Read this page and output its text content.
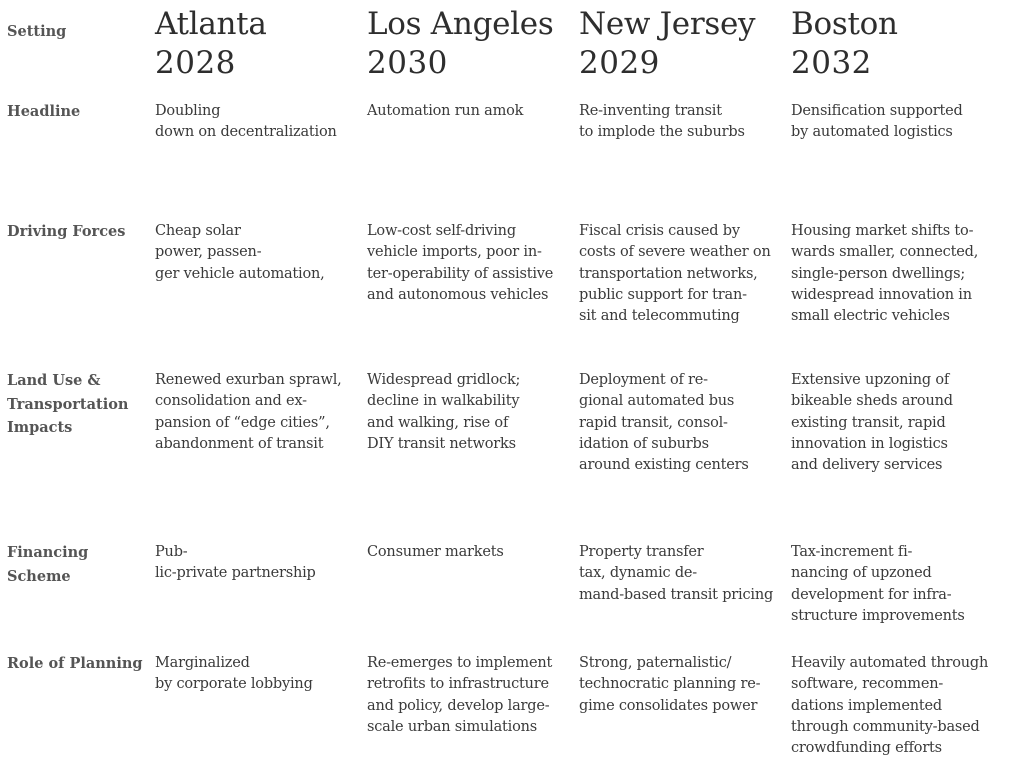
Setting
Headline
Driving Forces
Land Use &
Transportation
Impacts
Financing
Scheme
Role of Planning
Atlanta
2028
Doubling
down on decentralization
Cheap solar
power, passen-
ger vehicle automation,
Renewed exurban sprawl,
consolidation and ex-
pansion of “edge cities”,
abandonment of transit
Pub-
lic-private partnership
Marginalized
by corporate lobbying
Los Angeles
2030
Automation run amok
Low-cost self-driving
vehicle imports, poor in-
ter-operability of assistive
and autonomous vehicles
Widespread gridlock;
decline in walkability
and walking, rise of
DIY transit networks
Consumer markets
Re-emerges to implement
retrofits to infrastructure
and policy, develop large-
scale urban simulations
New Jersey
2029
Re-inventing transit
to implode the suburbs
Fiscal crisis caused by
costs of severe weather on
transportation networks,
public support for tran-
sit and telecommuting
Deployment of re-
gional automated bus
rapid transit, consol-
idation of suburbs
around existing centers
Property transfer
tax, dynamic de-
mand-based transit pricing
Strong, paternalistic/
technocratic planning re-
gime consolidates power
Boston
2032
Densification supported
by automated logistics
Housing market shifts to-
wards smaller, connected,
single-person dwellings;
widespread innovation in
small electric vehicles
Extensive upzoning of
bikeable sheds around
existing transit, rapid
innovation in logistics
and delivery services
Tax-increment fi-
nancing of upzoned
development for infra-
structure improvements
Heavily automated through
software, recommen-
dations implemented
through community-based
crowdfunding efforts
